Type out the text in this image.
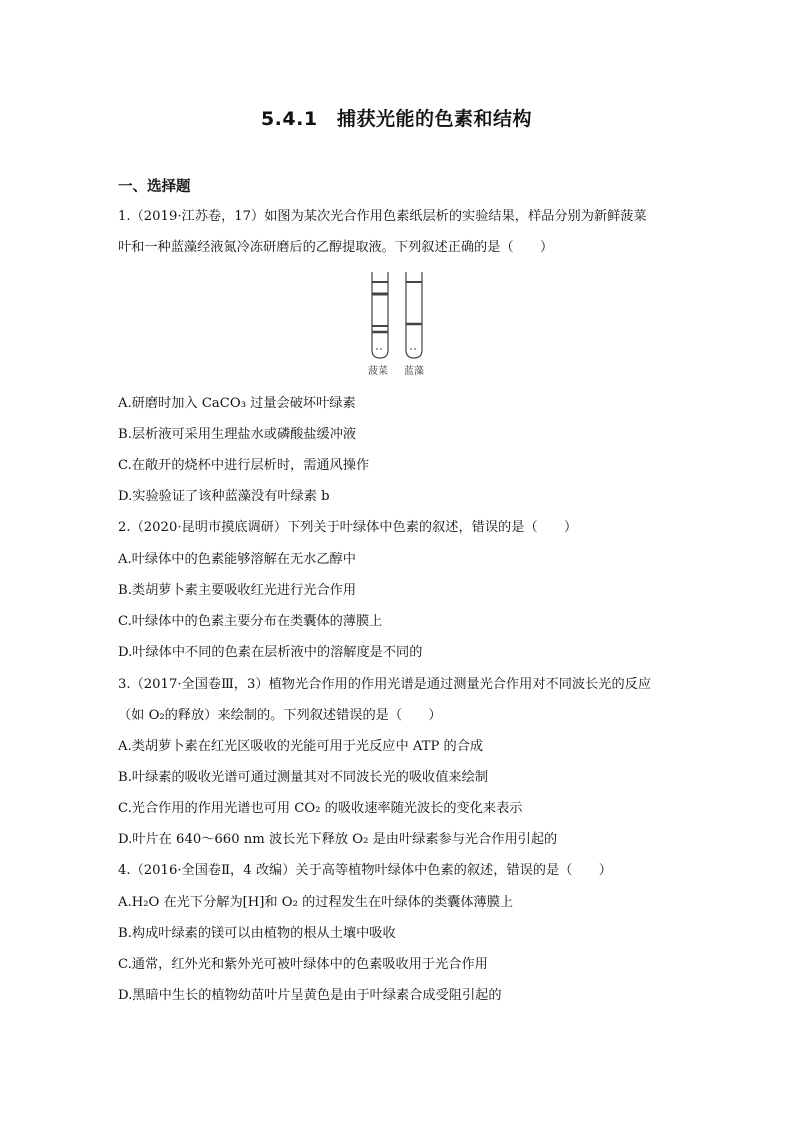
5.4.1　捕获光能的色素和结构
一、选择题
1.（2019·江苏卷，17）如图为某次光合作用色素纸层析的实验结果，样品分别为新鲜菠菜
叶和一种蓝藻经液氮冷冻研磨后的乙醇提取液。下列叙述正确的是（　　）
菠菜 蓝藻
A.研磨时加入 CaCO₃ 过量会破坏叶绿素
B.层析液可采用生理盐水或磷酸盐缓冲液
C.在敞开的烧杯中进行层析时，需通风操作
D.实验验证了该种蓝藻没有叶绿素 b
2.（2020·昆明市摸底调研）下列关于叶绿体中色素的叙述，错误的是（　　）
A.叶绿体中的色素能够溶解在无水乙醇中
B.类胡萝卜素主要吸收红光进行光合作用
C.叶绿体中的色素主要分布在类囊体的薄膜上
D.叶绿体中不同的色素在层析液中的溶解度是不同的
3.（2017·全国卷Ⅲ，3）植物光合作用的作用光谱是通过测量光合作用对不同波长光的反应
（如 O₂的释放）来绘制的。下列叙述错误的是（　　）
A.类胡萝卜素在红光区吸收的光能可用于光反应中 ATP 的合成
B.叶绿素的吸收光谱可通过测量其对不同波长光的吸收值来绘制
C.光合作用的作用光谱也可用 CO₂ 的吸收速率随光波长的变化来表示
D.叶片在 640～660 nm 波长光下释放 O₂ 是由叶绿素参与光合作用引起的
4.（2016·全国卷Ⅱ，4 改编）关于高等植物叶绿体中色素的叙述，错误的是（　　）
A.H₂O 在光下分解为[H]和 O₂ 的过程发生在叶绿体的类囊体薄膜上
B.构成叶绿素的镁可以由植物的根从土壤中吸收
C.通常，红外光和紫外光可被叶绿体中的色素吸收用于光合作用
D.黑暗中生长的植物幼苗叶片呈黄色是由于叶绿素合成受阻引起的
